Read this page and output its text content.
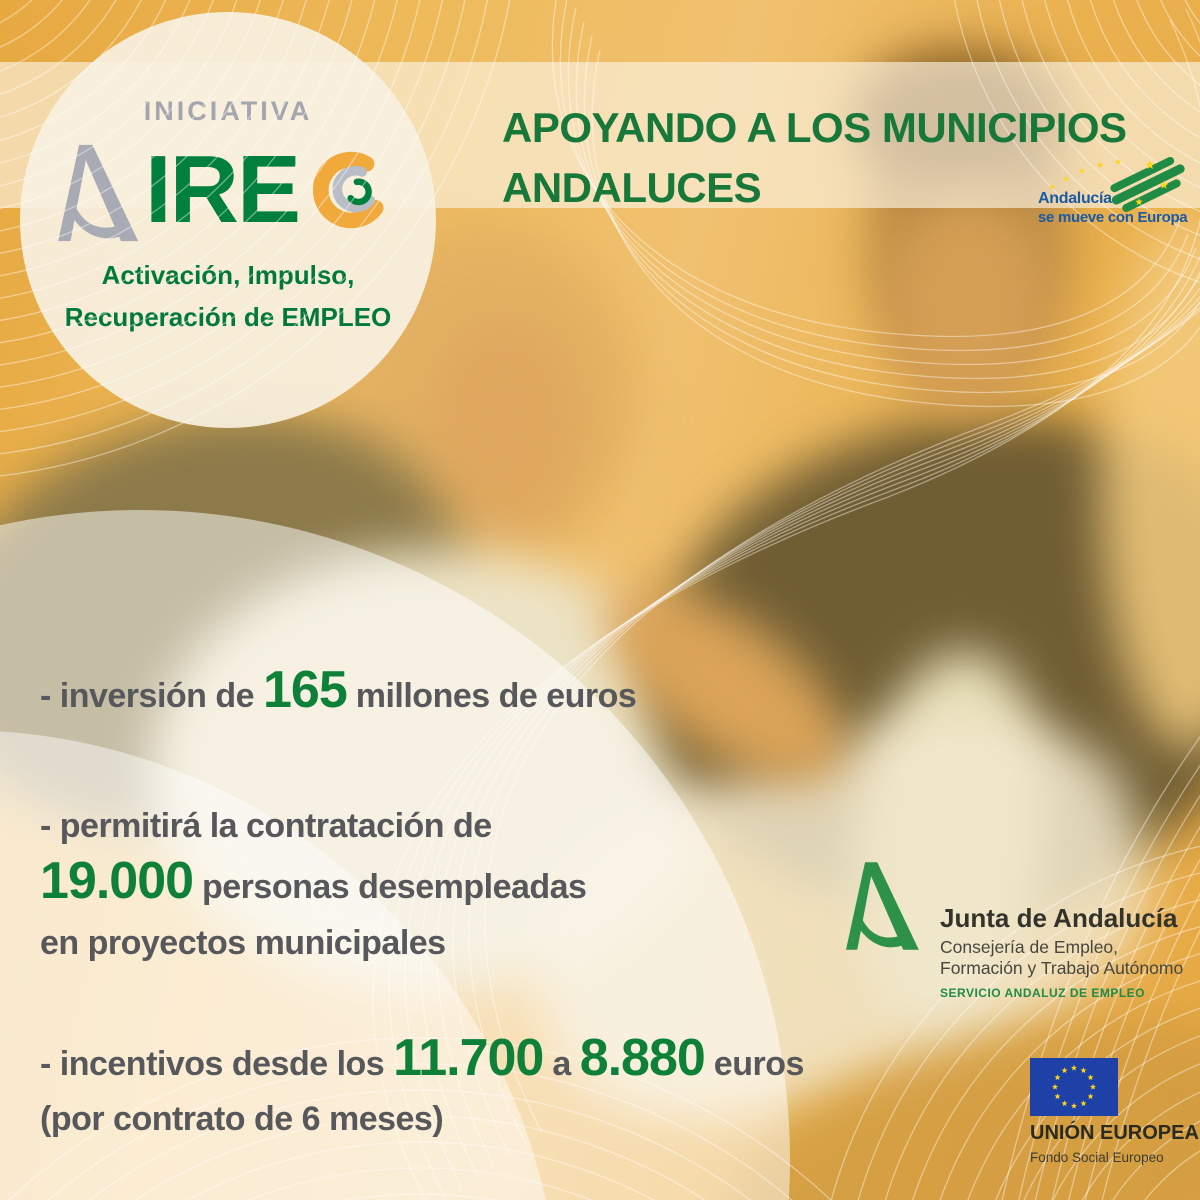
INICIATIVA
IRE
Activación, Impulso,
Recuperación de EMPLEO
APOYANDO A LOS MUNICIPIOS
ANDALUCES	Andalucía
se mueve con Europa
- inversión de 165 millones de euros
- permitirá la contratación de
19.000 personas desempleadas
en proyectos municipales
- incentivos desde los 11.700 a 8.880 euros
(por contrato de 6 meses)
Junta de Andalucía
Consejería de Empleo,
Formación y Trabajo Autónomo
SERVICIO ANDALUZ DE EMPLEO
UNIÓN EUROPEA
Fondo Social Europeo
